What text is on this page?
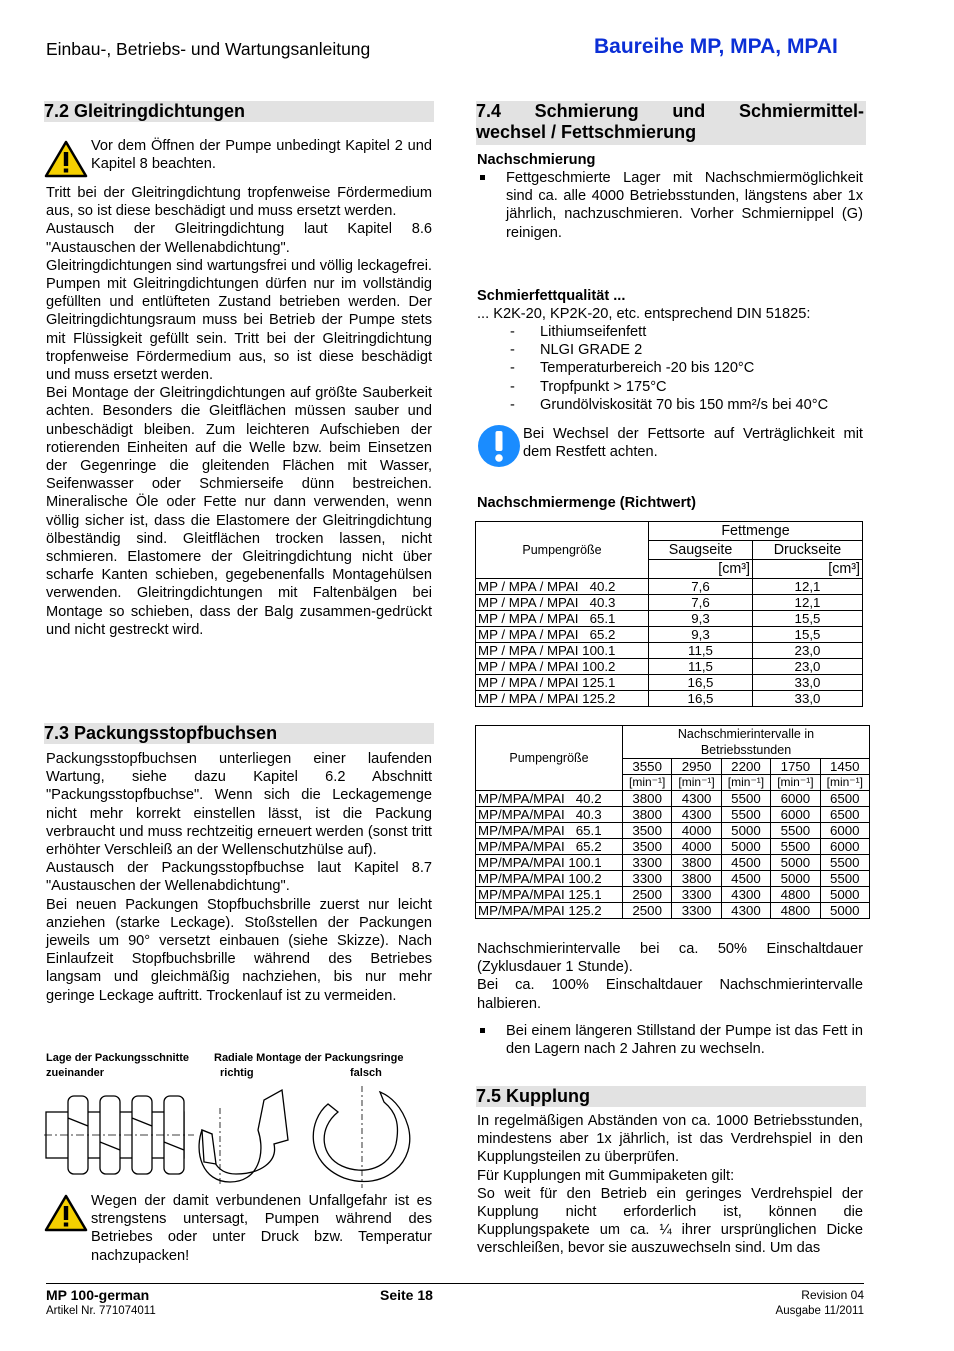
Einbau-, Betriebs- und Wartungsanleitung	Baureihe MP, MPA, MPAI
7.2 Gleitringdichtungen

Vor dem Öffnen der Pumpe unbedingt Kapitel 2 und Kapitel 8 beachten.

Tritt bei der Gleitringdichtung tropfenweise Fördermedium aus, so ist diese beschädigt und muss ersetzt werden.

Austausch der Gleitringdichtung laut Kapitel 8.6 "Austauschen der Wellenabdichtung".

Gleitringdichtungen sind wartungsfrei und völlig leckagefrei. Pumpen mit Gleitringdichtungen dürfen nur im vollständig gefüllten und entlüfteten Zustand betrieben werden. Der Gleitringdichtungsraum muss bei Betrieb der Pumpe stets mit Flüssigkeit gefüllt sein. Tritt bei der Gleitringdichtung tropfenweise Fördermedium aus, so ist diese beschädigt und muss ersetzt werden.

Bei Montage der Gleitringdichtungen auf größte Sauberkeit achten. Besonders die Gleitflächen müssen sauber und unbeschädigt bleiben. Zum leichteren Aufschieben der rotierenden Einheiten auf die Welle bzw. beim Einsetzen der Gegenringe die gleitenden Flächen mit Wasser, Seifenwasser oder Schmierseife dünn bestreichen. Mineralische Öle oder Fette nur dann verwenden, wenn völlig sicher ist, dass die Elastomere der Gleitringdichtung ölbeständig sind. Gleitflächen trocken lassen, nicht schmieren. Elastomere der Gleitringdichtung nicht über scharfe Kanten schieben, gegebenenfalls Montagehülsen verwenden. Gleitringdichtungen mit Faltenbälgen bei Montage so schieben, dass der Balg zusammen-gedrückt und nicht gestreckt wird.

7.3 Packungsstopfbuchsen

Packungsstopfbuchsen unterliegen einer laufenden Wartung, siehe dazu Kapitel 6.2 Abschnitt "Packungsstopfbuchse". Wenn sich die Leckagemenge nicht mehr korrekt einstellen lässt, ist die Packung verbraucht und muss rechtzeitig erneuert werden (sonst tritt erhöhter Verschleiß an der Wellenschutzhülse auf).

Austausch der Packungsstopfbuchse laut Kapitel 8.7 "Austauschen der Wellenabdichtung".

Bei neuen Packungen Stopfbuchsbrille zuerst nur leicht anziehen (starke Leckage). Stoßstellen der Packungen jeweils um 90° versetzt einbauen (siehe Skizze). Nach Einlaufzeit Stopfbuchsbrille während des Betriebes langsam und gleichmäßig nachziehen, bis nur mehr geringe Leckage auftritt. Trockenlauf ist zu vermeiden.

Lage der Packungsschnitte
zueinander
Radiale Montage der Packungsringe
richtig	falsch

Wegen der damit verbundenen Unfallgefahr ist es strengstens untersagt, Pumpen während des Betriebes oder unter Druck bzw. Temperatur nachzupacken!

7.4 Schmierung und Schmiermittel-
wechsel / Fettschmierung
Nachschmierung
Fettgeschmierte Lager mit Nachschmiermöglichkeit sind ca. alle 4000 Betriebsstunden, längstens aber 1x jährlich, nachzuschmieren. Vorher Schmiernippel (G) reinigen.
Schmierfettqualität ...
... K2K-20, KP2K-20, etc. entsprechend DIN 51825:
- Lithiumseifenfett
- NLGI GRADE 2
- Temperaturbereich -20 bis 120°C
- Tropfpunkt > 175°C
- Grundölviskosität 70 bis 150 mm²/s bei 40°C

Bei Wechsel der Fettsorte auf Verträglichkeit mit dem Restfett achten.

Nachschmiermenge (Richtwert)
Pumpengröße	Fettmenge	
	Saugseite	Druckseite
	[cm³]	[cm³]
MP / MPA / MPAI   40.2	7,6	12,1
MP / MPA / MPAI   40.3	7,6	12,1
MP / MPA / MPAI   65.1	9,3	15,5
MP / MPA / MPAI   65.2	9,3	15,5
MP / MPA / MPAI 100.1	11,5	23,0
MP / MPA / MPAI 100.2	11,5	23,0
MP / MPA / MPAI 125.1	16,5	33,0
MP / MPA / MPAI 125.2	16,5	33,0
Pumpengröße	Nachschmierintervalle in
Betriebsstunden				

	3550	2950	2200	1750	1450
	[min⁻¹]	[min⁻¹]	[min⁻¹]	[min⁻¹]	[min⁻¹]
MP/MPA/MPAI   40.2	3800	4300	5500	6000	6500
MP/MPA/MPAI   40.3	3800	4300	5500	6000	6500
MP/MPA/MPAI   65.1	3500	4000	5000	5500	6000
MP/MPA/MPAI   65.2	3500	4000	5000	5500	6000
MP/MPA/MPAI 100.1	3300	3800	4500	5000	5500
MP/MPA/MPAI 100.2	3300	3800	4500	5000	5500
MP/MPA/MPAI 125.1	2500	3300	4300	4800	5000
MP/MPA/MPAI 125.2	2500	3300	4300	4800	5000

Nachschmierintervalle bei ca. 50% Einschaltdauer (Zyklusdauer 1 Stunde).

Bei ca. 100% Einschaltdauer Nachschmierintervalle halbieren.

Bei einem längeren Stillstand der Pumpe ist das Fett in den Lagern nach 2 Jahren zu wechseln.
7.5 Kupplung

In regelmäßigen Abständen von ca. 1000 Betriebsstunden, mindestens aber 1x jährlich, ist das Verdrehspiel in den Kupplungsteilen zu überprüfen.

Für Kupplungen mit Gummipaketen gilt:

So weit für den Betrieb ein geringes Verdrehspiel der Kupplung nicht erforderlich ist, können die Kupplungspakete um ca. ¼ ihrer ursprünglichen Dicke verschleißen, bevor sie auszuwechseln sind. Um das

MP 100-german	Seite 18	Revision 04
Artikel Nr. 771074011	Ausgabe 11/2011
